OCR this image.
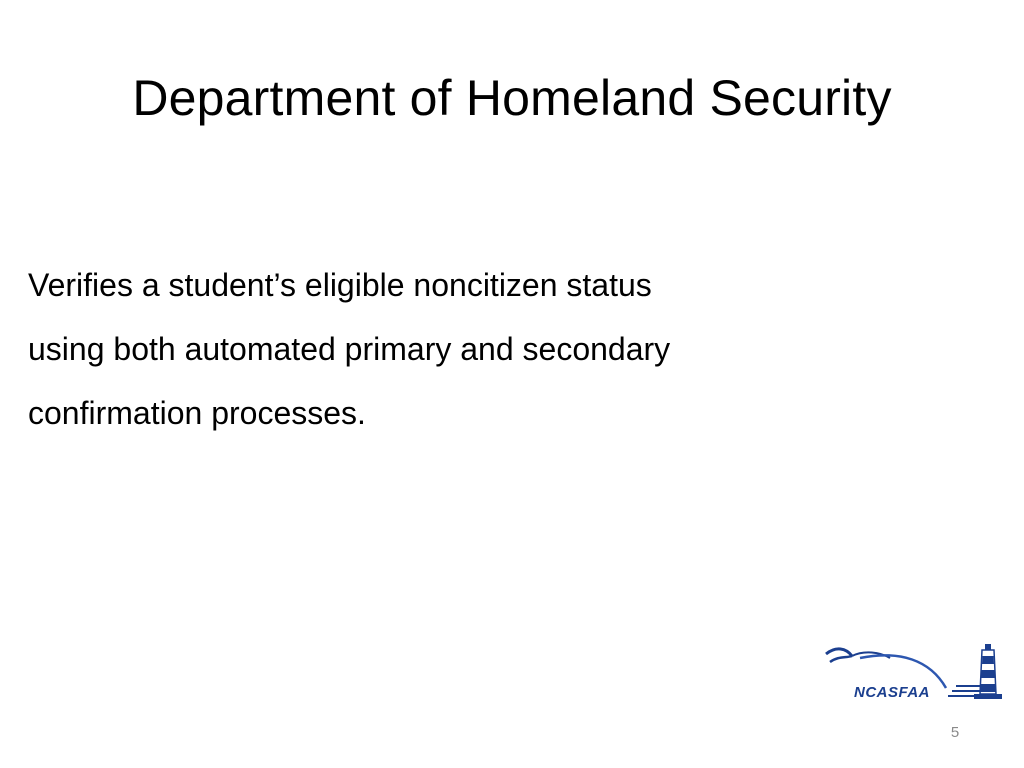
Department of Homeland Security
Verifies a student’s eligible noncitizen status
using both automated primary and secondary
confirmation processes.
NCASFAA
5
